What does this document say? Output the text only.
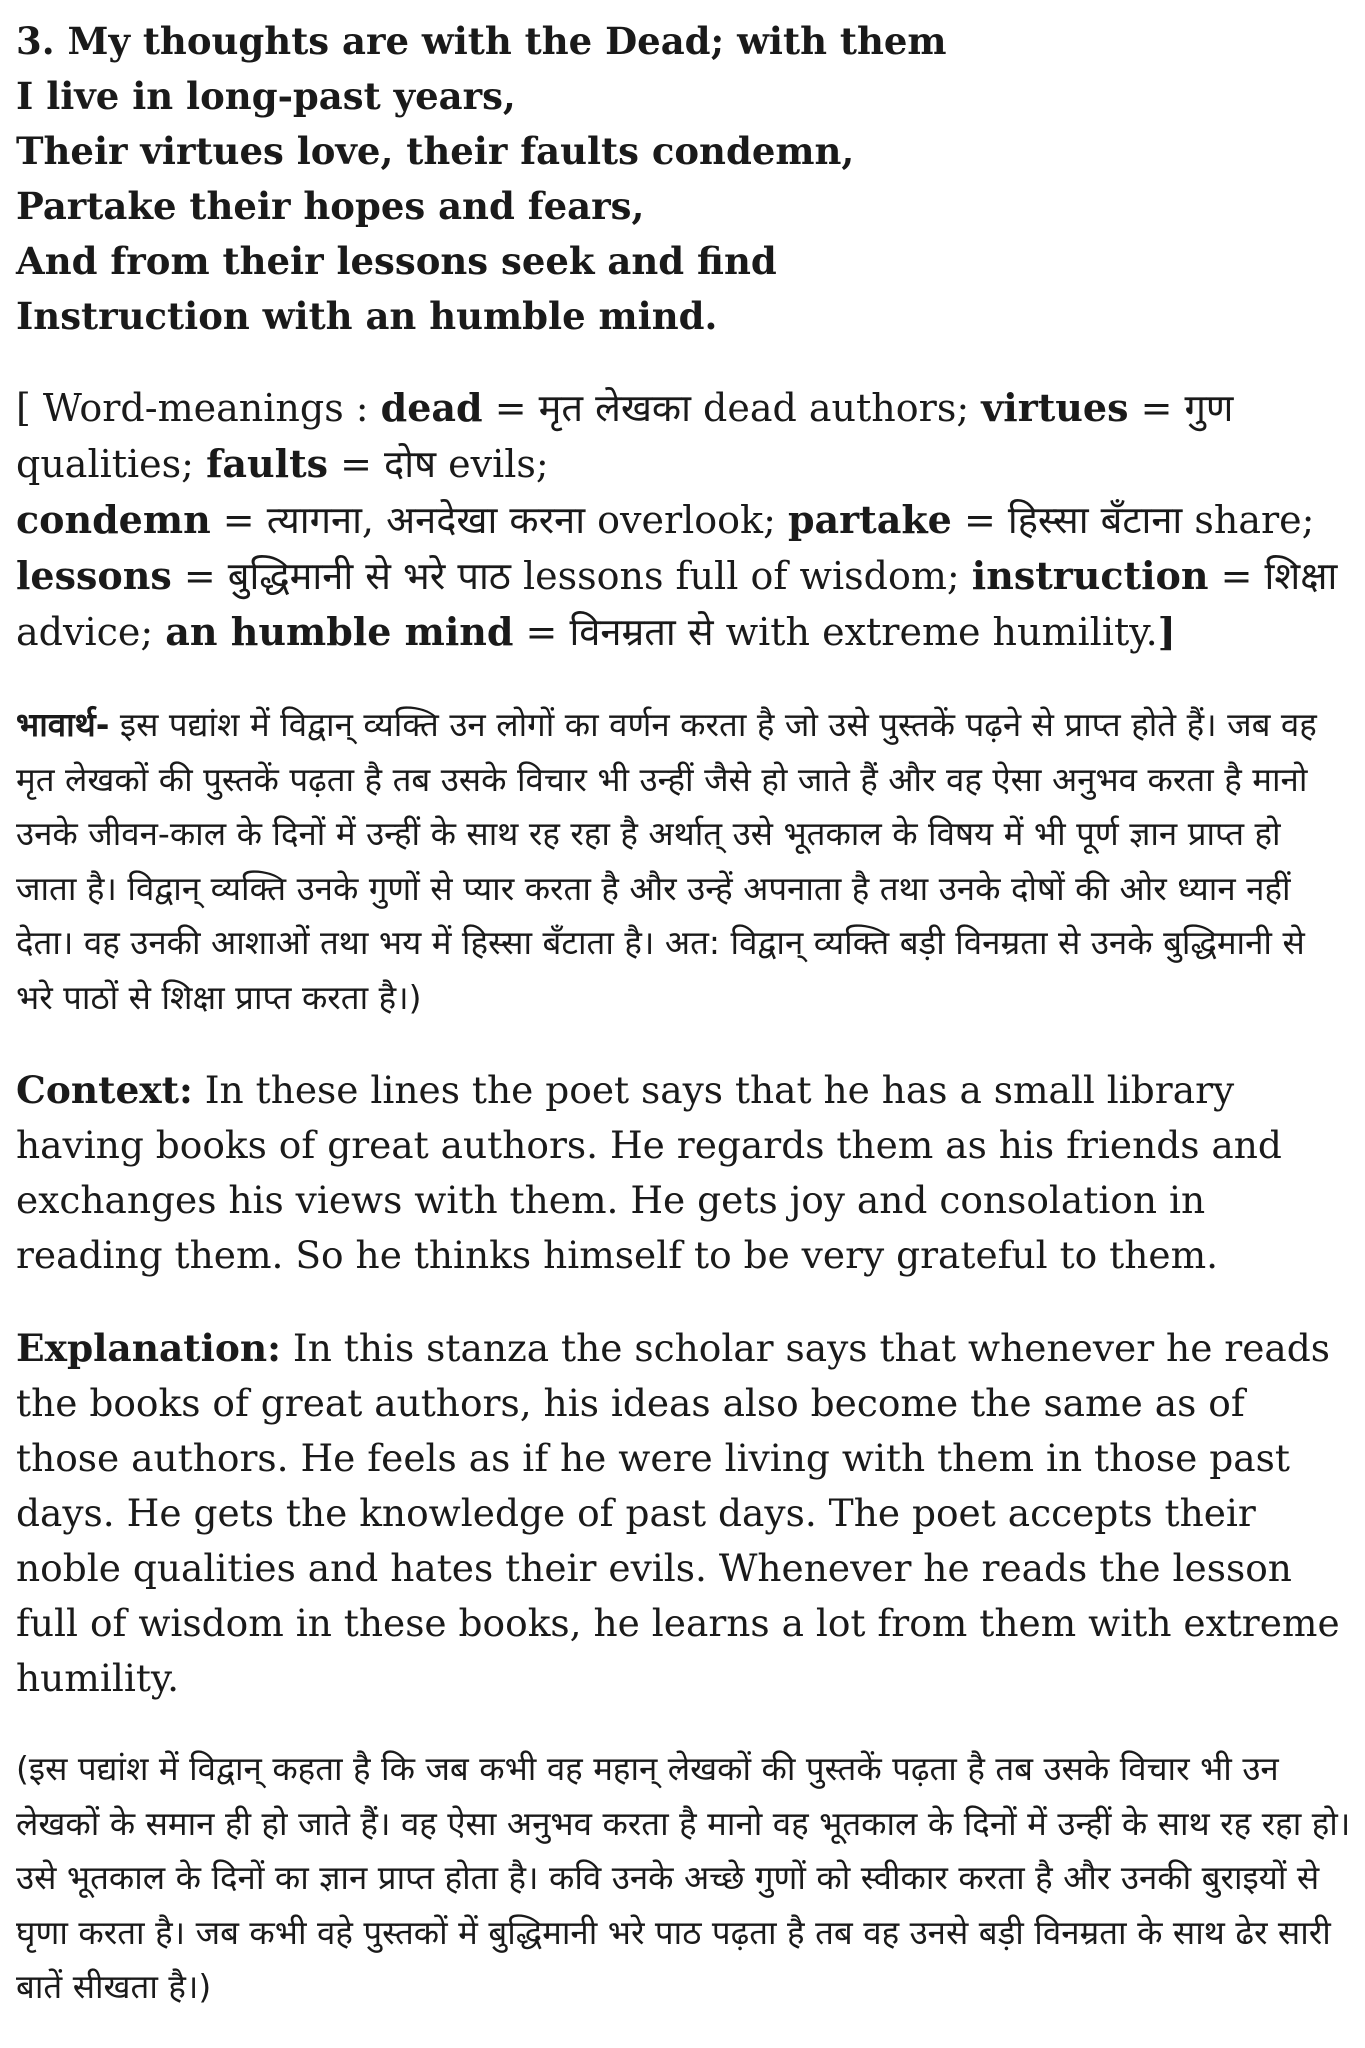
3. My thoughts are with the Dead; with them
I live in long-past years,
Their virtues love, their faults condemn,
Partake their hopes and fears,
And from their lessons seek and find
Instruction with an humble mind.

[ Word-meanings : dead = मृत लेखका dead authors; virtues = गुण qualities; faults = दोष evils;
condemn = त्यागना, अनदेखा करना overlook; partake = हिस्सा बँटाना share;
lessons = बुद्धिमानी से भरे पाठ lessons full of wisdom; instruction = शिक्षा advice; an humble mind = विनम्रता से with extreme humility.]

भावार्थ- इस पद्यांश में विद्वान् व्यक्ति उन लोगों का वर्णन करता है जो उसे पुस्तकें पढ़ने से प्राप्त होते हैं। जब वह मृत लेखकों की पुस्तकें पढ़ता है तब उसके विचार भी उन्हीं जैसे हो जाते हैं और वह ऐसा अनुभव करता है मानो उनके जीवन-काल के दिनों में उन्हीं के साथ रह रहा है अर्थात् उसे भूतकाल के विषय में भी पूर्ण ज्ञान प्राप्त हो जाता है। विद्वान् व्यक्ति उनके गुणों से प्यार करता है और उन्हें अपनाता है तथा उनके दोषों की ओर ध्यान नहीं देता। वह उनकी आशाओं तथा भय में हिस्सा बँटाता है। अत: विद्वान् व्यक्ति बड़ी विनम्रता से उनके बुद्धिमानी से भरे पाठों से शिक्षा प्राप्त करता है।)

Context: In these lines the poet says that he has a small library having books of great authors. He regards them as his friends and exchanges his views with them. He gets joy and consolation in reading them. So he thinks himself to be very grateful to them.

Explanation: In this stanza the scholar says that whenever he reads the books of great authors, his ideas also become the same as of those authors. He feels as if he were living with them in those past days. He gets the knowledge of past days. The poet accepts their noble qualities and hates their evils. Whenever he reads the lesson full of wisdom in these books, he learns a lot from them with extreme humility.

(इस पद्यांश में विद्वान् कहता है कि जब कभी वह महान् लेखकों की पुस्तकें पढ़ता है तब उसके विचार भी उन लेखकों के समान ही हो जाते हैं। वह ऐसा अनुभव करता है मानो वह भूतकाल के दिनों में उन्हीं के साथ रह रहा हो। उसे भूतकाल के दिनों का ज्ञान प्राप्त होता है। कवि उनके अच्छे गुणों को स्वीकार करता है और उनकी बुराइयों से घृणा करता है। जब कभी वहे पुस्तकों में बुद्धिमानी भरे पाठ पढ़ता है तब वह उनसे बड़ी विनम्रता के साथ ढेर सारी बातें सीखता है।)
